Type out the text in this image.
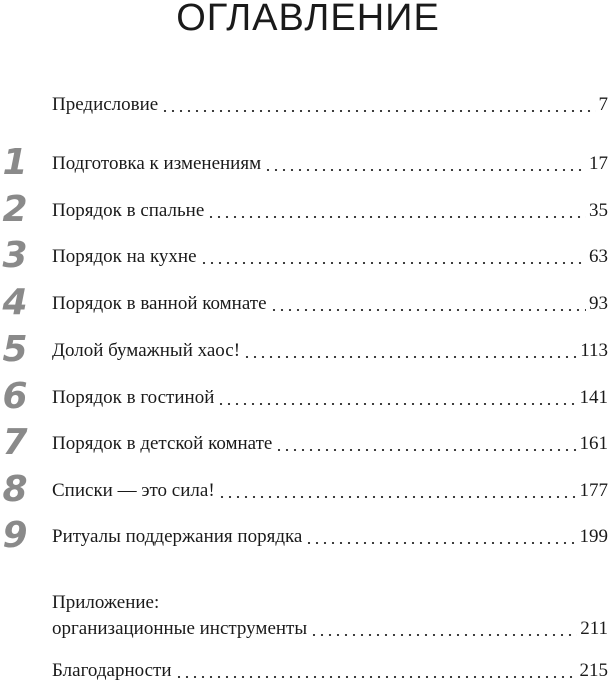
ОГЛАВЛЕНИЕ
Предисловие	7
1 Подготовка к изменениям	17
2 Порядок в спальне	35
3 Порядок на кухне	63
4 Порядок в ванной комнате	93
5 Долой бумажный хаос!	113
6 Порядок в гостиной	141
7 Порядок в детской комнате	161
8 Списки — это сила!	177
9 Ритуалы поддержания порядка	199
Приложение:
организационные инструменты	211
Благодарности	215
